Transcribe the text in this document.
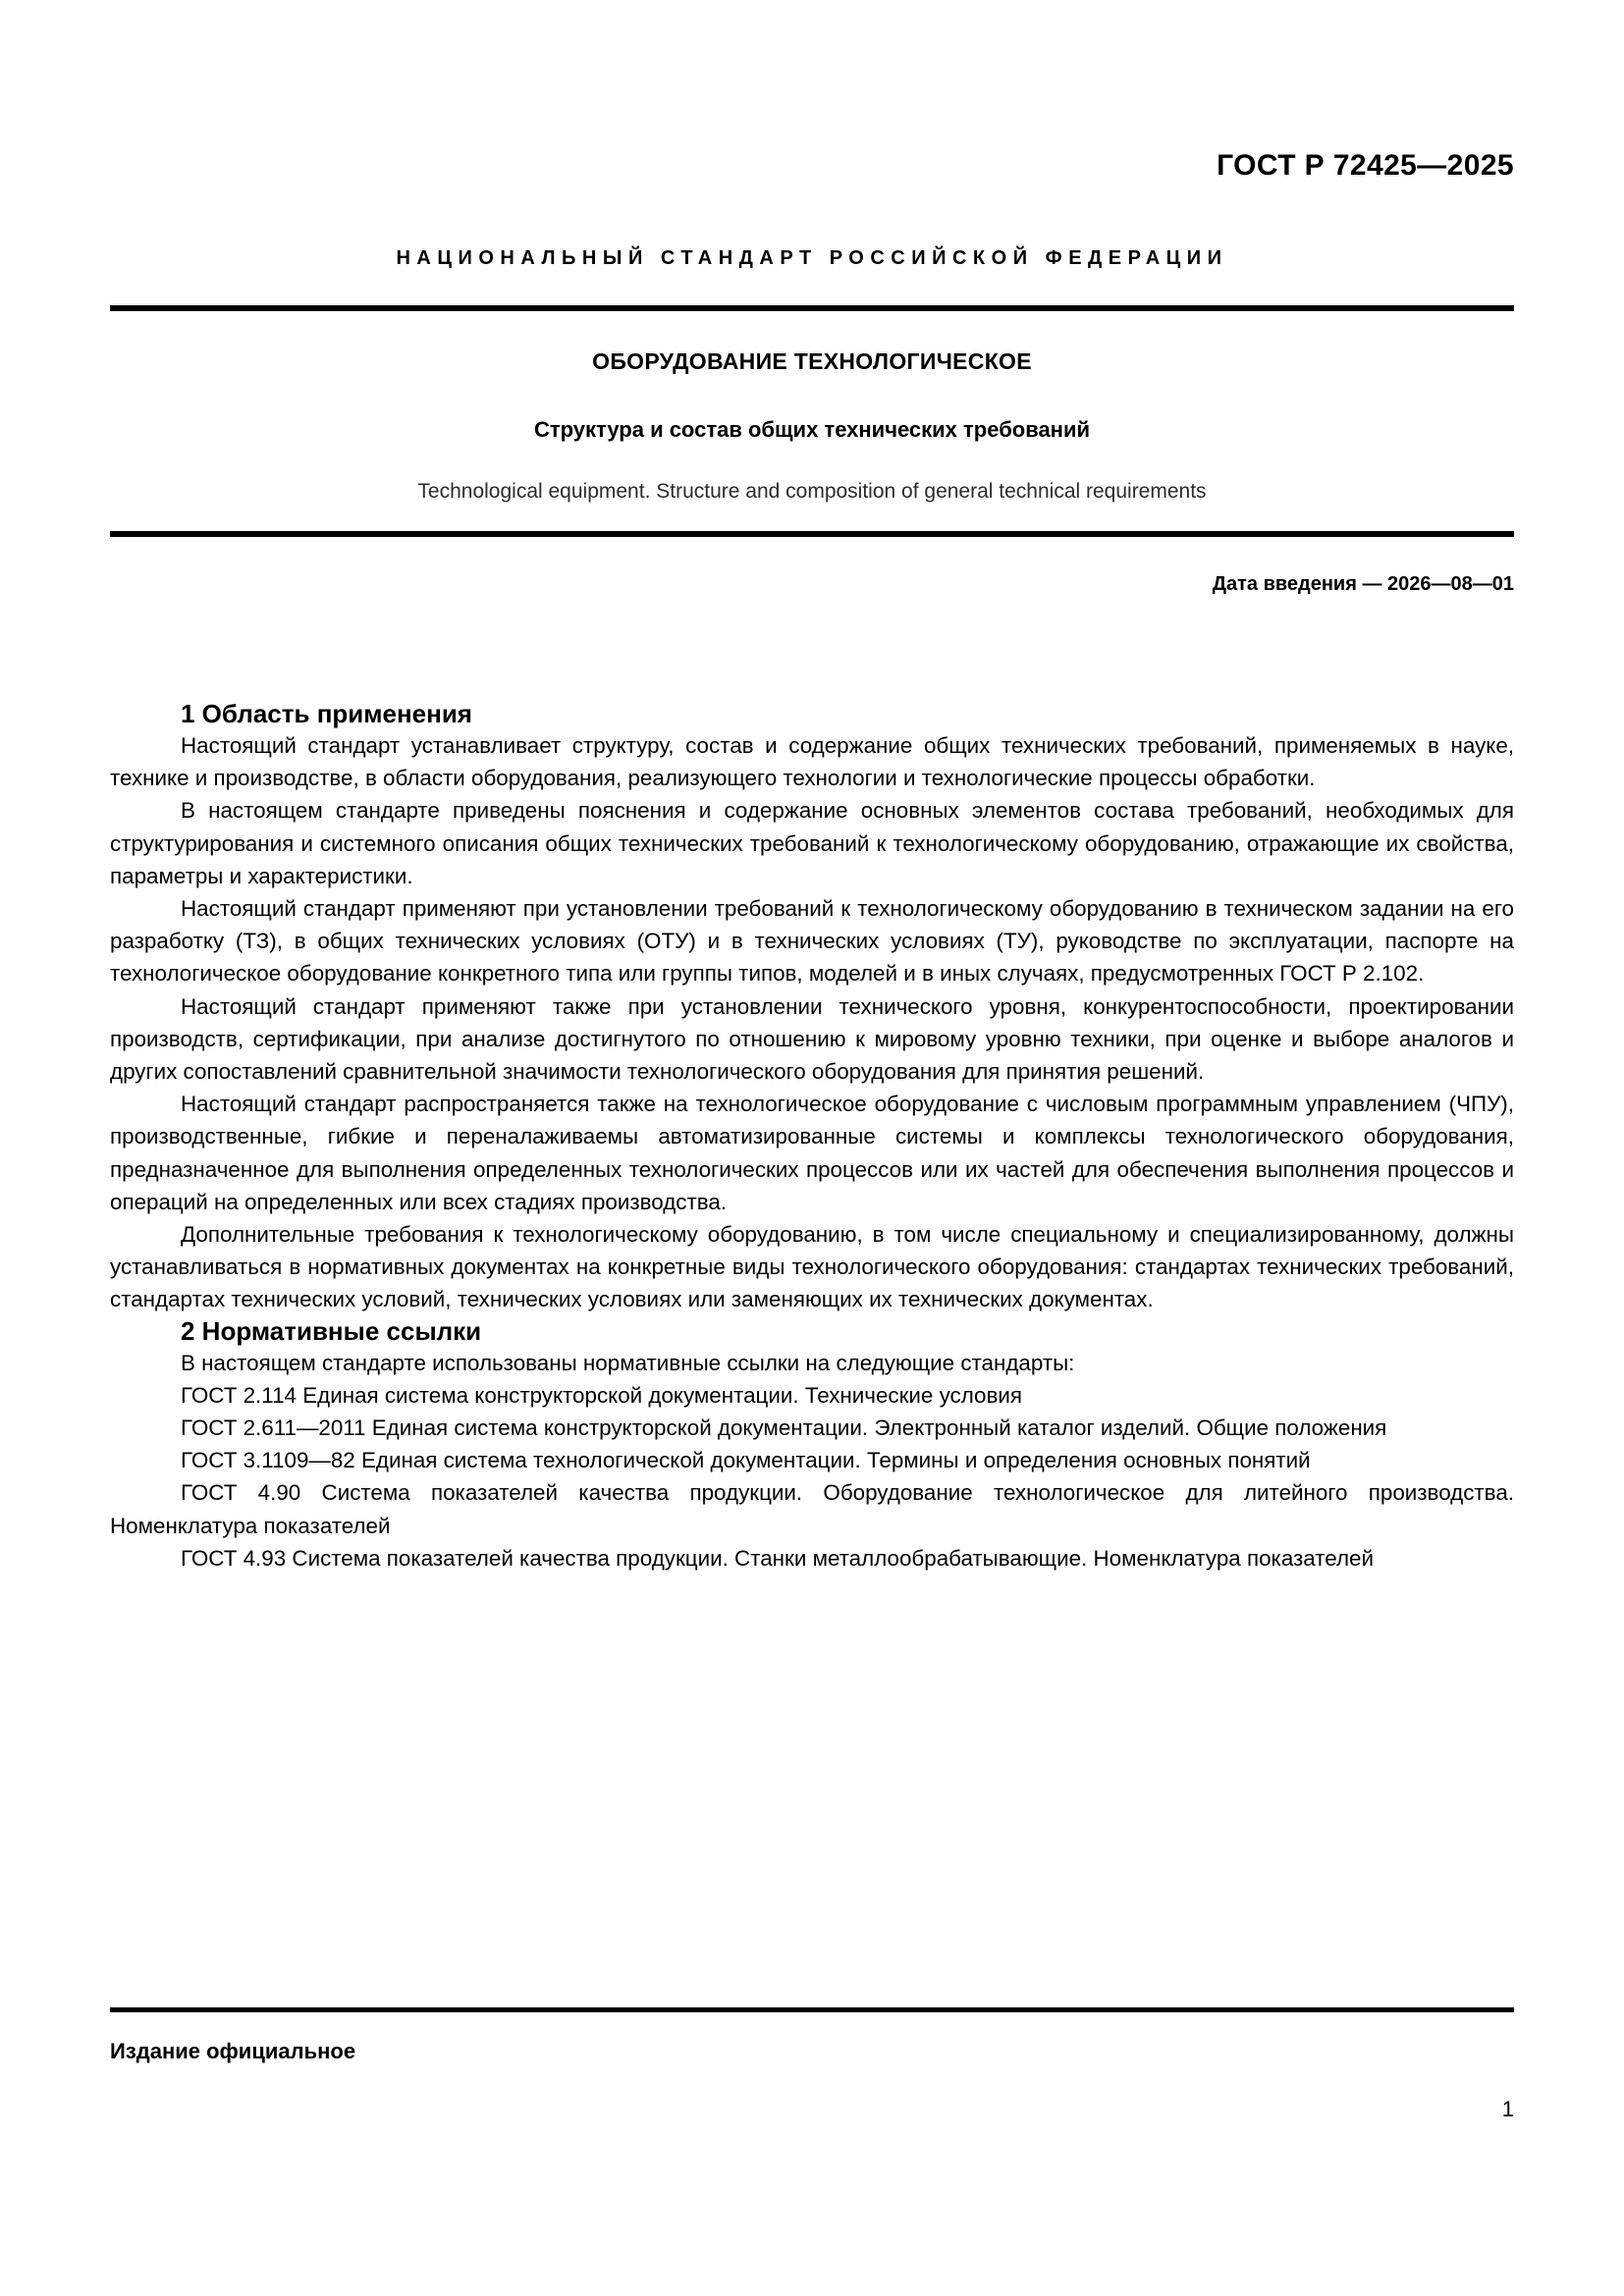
ГОСТ Р 72425—2025
НАЦИОНАЛЬНЫЙ СТАНДАРТ РОССИЙСКОЙ ФЕДЕРАЦИИ
ОБОРУДОВАНИЕ ТЕХНОЛОГИЧЕСКОЕ
Структура и состав общих технических требований
Technological equipment. Structure and composition of general technical requirements
Дата введения — 2026—08—01
1 Область применения

Настоящий стандарт устанавливает структуру, состав и содержание общих технических требований, применяемых в науке, технике и производстве, в области оборудования, реализующего технологии и технологические процессы обработки.

В настоящем стандарте приведены пояснения и содержание основных элементов состава требований, необходимых для структурирования и системного описания общих технических требований к технологическому оборудованию, отражающие их свойства, параметры и характеристики.

Настоящий стандарт применяют при установлении требований к технологическому оборудованию в техническом задании на его разработку (ТЗ), в общих технических условиях (ОТУ) и в технических условиях (ТУ), руководстве по эксплуатации, паспорте на технологическое оборудование конкретного типа или группы типов, моделей и в иных случаях, предусмотренных ГОСТ Р 2.102.

Настоящий стандарт применяют также при установлении технического уровня, конкурентоспособности, проектировании производств, сертификации, при анализе достигнутого по отношению к мировому уровню техники, при оценке и выборе аналогов и других сопоставлений сравнительной значимости технологического оборудования для принятия решений.

Настоящий стандарт распространяется также на технологическое оборудование с числовым программным управлением (ЧПУ), производственные, гибкие и переналаживаемы автоматизированные системы и комплексы технологического оборудования, предназначенное для выполнения определенных технологических процессов или их частей для обеспечения выполнения процессов и операций на определенных или всех стадиях производства.

Дополнительные требования к технологическому оборудованию, в том числе специальному и специализированному, должны устанавливаться в нормативных документах на конкретные виды технологического оборудования: стандартах технических требований, стандартах технических условий, технических условиях или заменяющих их технических документах.

2 Нормативные ссылки

В настоящем стандарте использованы нормативные ссылки на следующие стандарты:

ГОСТ 2.114 Единая система конструкторской документации. Технические условия

ГОСТ 2.611—2011 Единая система конструкторской документации. Электронный каталог изделий. Общие положения

ГОСТ 3.1109—82 Единая система технологической документации. Термины и определения основных понятий

ГОСТ 4.90 Система показателей качества продукции. Оборудование технологическое для литейного производства. Номенклатура показателей

ГОСТ 4.93 Система показателей качества продукции. Станки металлообрабатывающие. Номенклатура показателей

Издание официальное
1
